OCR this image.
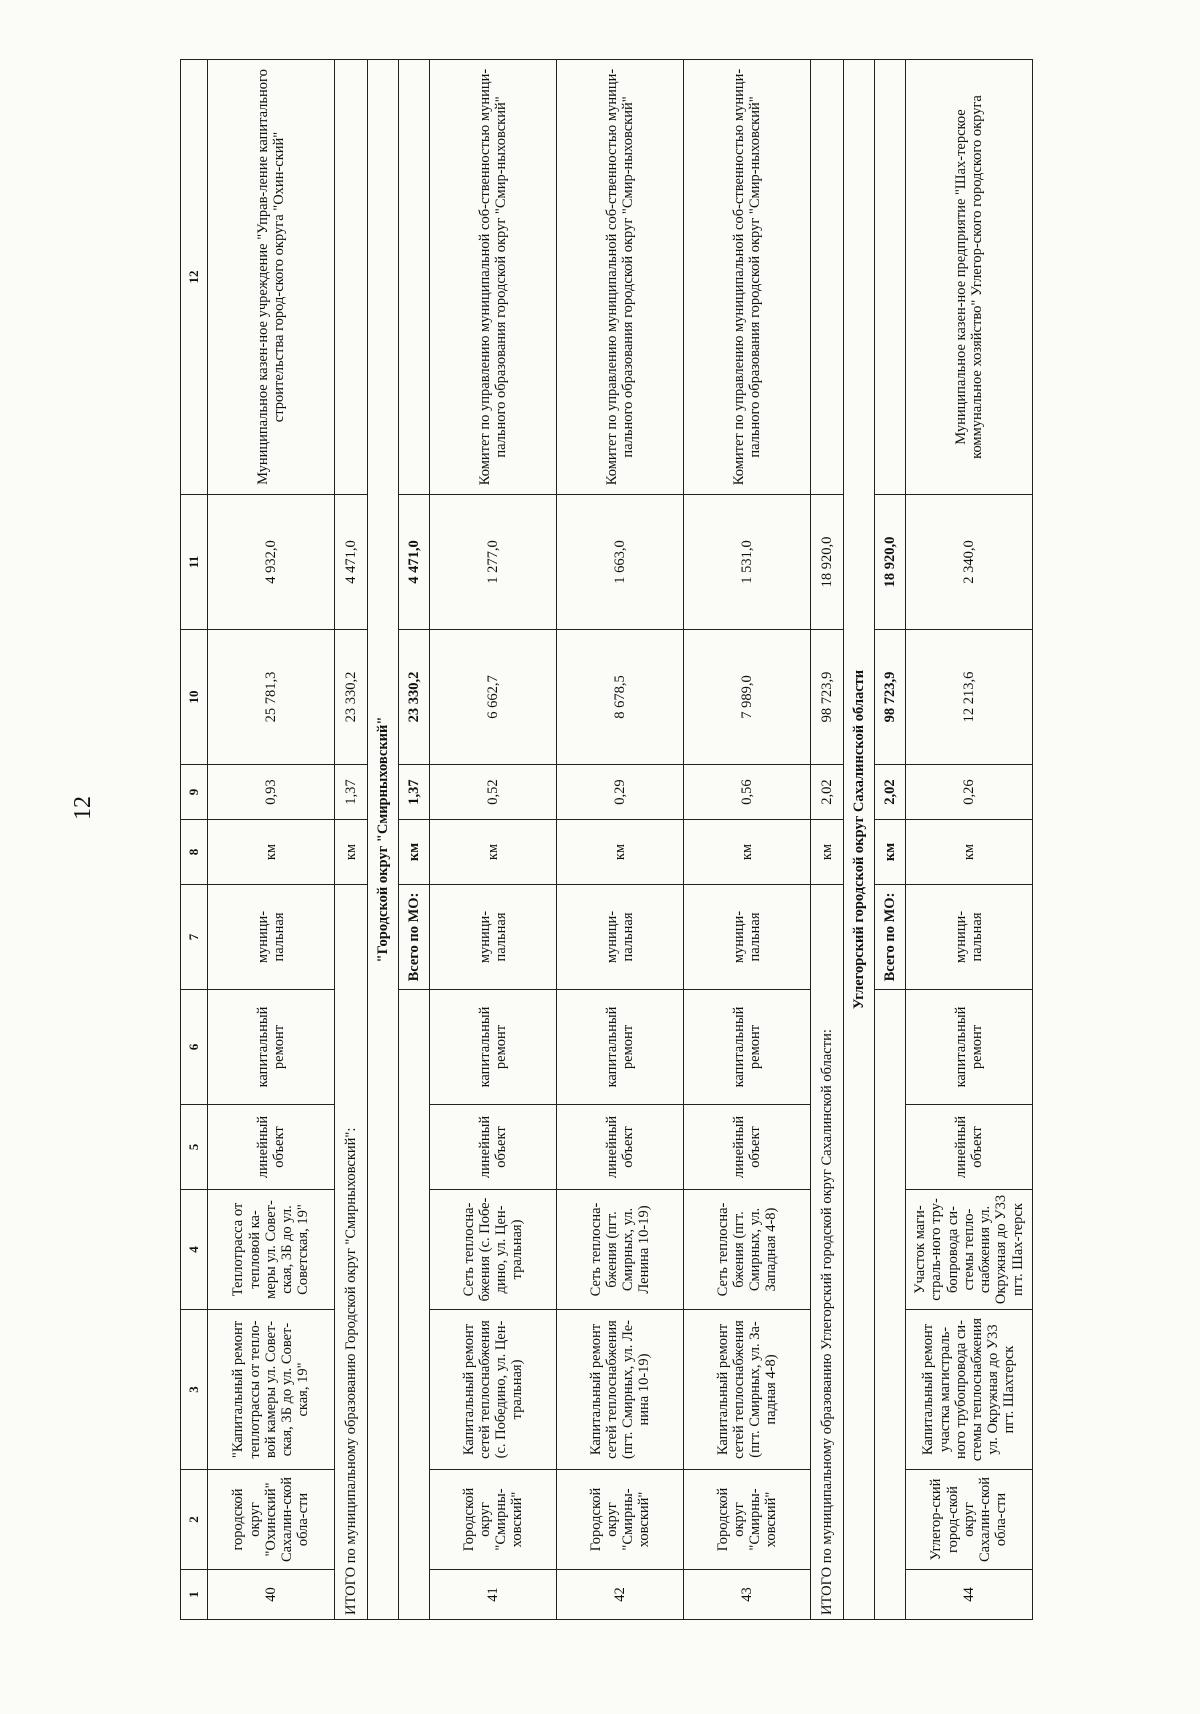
12
1	2	3	4	5	6	7	8	9	10	11	12
40	городской округ "Охинский" Сахалин-ской обла-сти	"Капитальный ремонт теплотрассы от тепло-вой камеры ул. Совет-ская, 3Б до ул. Совет-ская, 19"	Теплотрасса от тепловой ка-меры ул. Совет-ская, 3Б до ул. Советская, 19"	линейный объект	капитальный ремонт	муници-пальная	км	0,93	25 781,3	4 932,0	Муниципальное казен-ное учреждение "Управ-ление капитального строительства город-ского округа "Охин-ский"
ИТОГО по муниципальному образованию Городской округ "Смирныховский":							км	1,37	23 330,2	4 471,0	
"Городской округ "Смирныховский"											
						Всего по МО:	км	1,37	23 330,2	4 471,0	
41	Городской округ "Смирны-ховский"	Капитальный ремонт сетей теплоснабжения (с. Победино, ул. Цен-тральная)	Сеть теплосна-бжения (с. Побе-дино, ул. Цен-тральная)	линейный объект	капитальный ремонт	муници-пальная	км	0,52	6 662,7	1 277,0	Комитет по управлению муниципальной соб-ственностью муници-пального образования городской округ "Смир-ныховский"
42	Городской округ "Смирны-ховский"	Капитальный ремонт сетей теплоснабжения (пгт. Смирных, ул. Ле-нина 10-19)	Сеть теплосна-бжения (пгт. Смирных, ул. Ленина 10-19)	линейный объект	капитальный ремонт	муници-пальная	км	0,29	8 678,5	1 663,0	Комитет по управлению муниципальной соб-ственностью муници-пального образования городской округ "Смир-ныховский"
43	Городской округ "Смирны-ховский"	Капитальный ремонт сетей теплоснабжения (пгт. Смирных, ул. За-падная 4-8)	Сеть теплосна-бжения (пгт. Смирных, ул. Западная 4-8)	линейный объект	капитальный ремонт	муници-пальная	км	0,56	7 989,0	1 531,0	Комитет по управлению муниципальной соб-ственностью муници-пального образования городской округ "Смир-ныховский"
ИТОГО по муниципальному образованию Углегорский городской округ Сахалинской области:							км	2,02	98 723,9	18 920,0	
Углегорский городской округ Сахалинской области											
						Всего по МО:	км	2,02	98 723,9	18 920,0	
44	Углегор-ский город-ской округ Сахалин-ской обла-сти	Капитальный ремонт участка магистраль-ного трубопровода си-стемы теплоснабжения ул. Окружная до У33 пгт. Шахтерск	Участок маги-страль-ного тру-бопровода си-стемы тепло-снабжения ул. Окружная до У33 пгт. Шах-терск	линейный объект	капитальный ремонт	муници-пальная	км	0,26	12 213,6	2 340,0	Муниципальное казен-ное предприятие "Шах-терское коммунальное хозяйство" Углегор-ского городского округа
